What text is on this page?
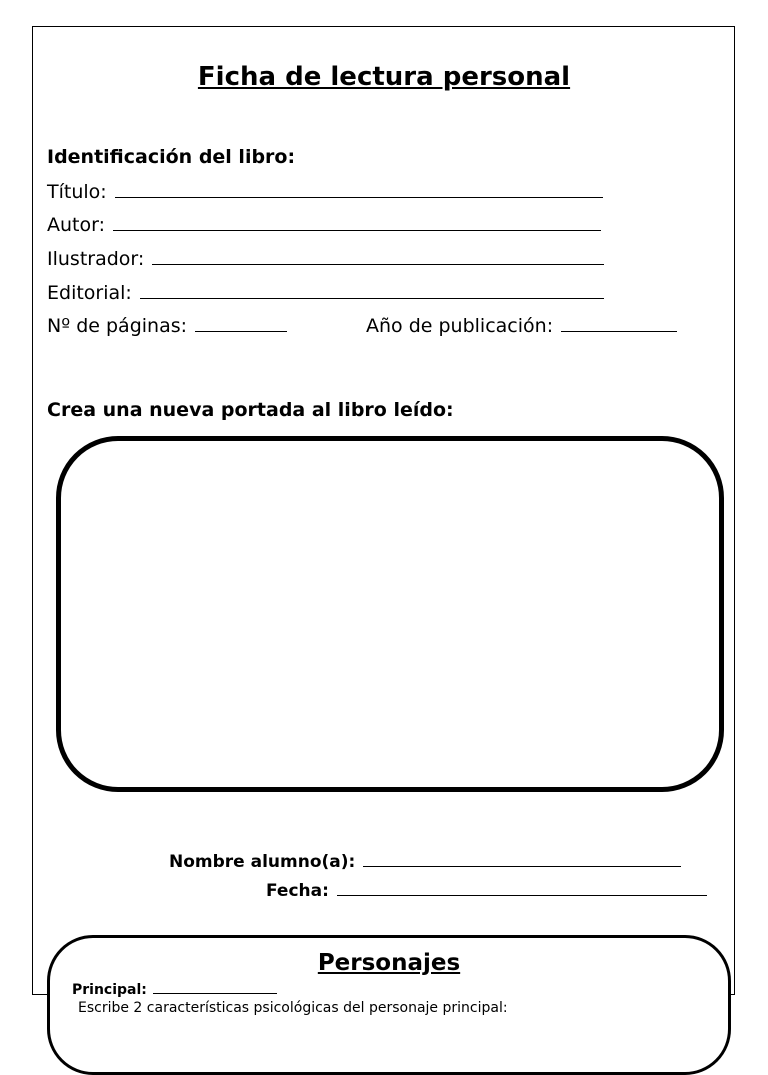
Ficha de lectura personal
Identificación del libro:
Título:
Autor:
Ilustrador:
Editorial:
Nº de páginas:	Año de publicación:
Crea una nueva portada al libro leído:
Nombre alumno(a):
Fecha:
Personajes
Principal:
Escribe 2 características psicológicas del personaje principal:
